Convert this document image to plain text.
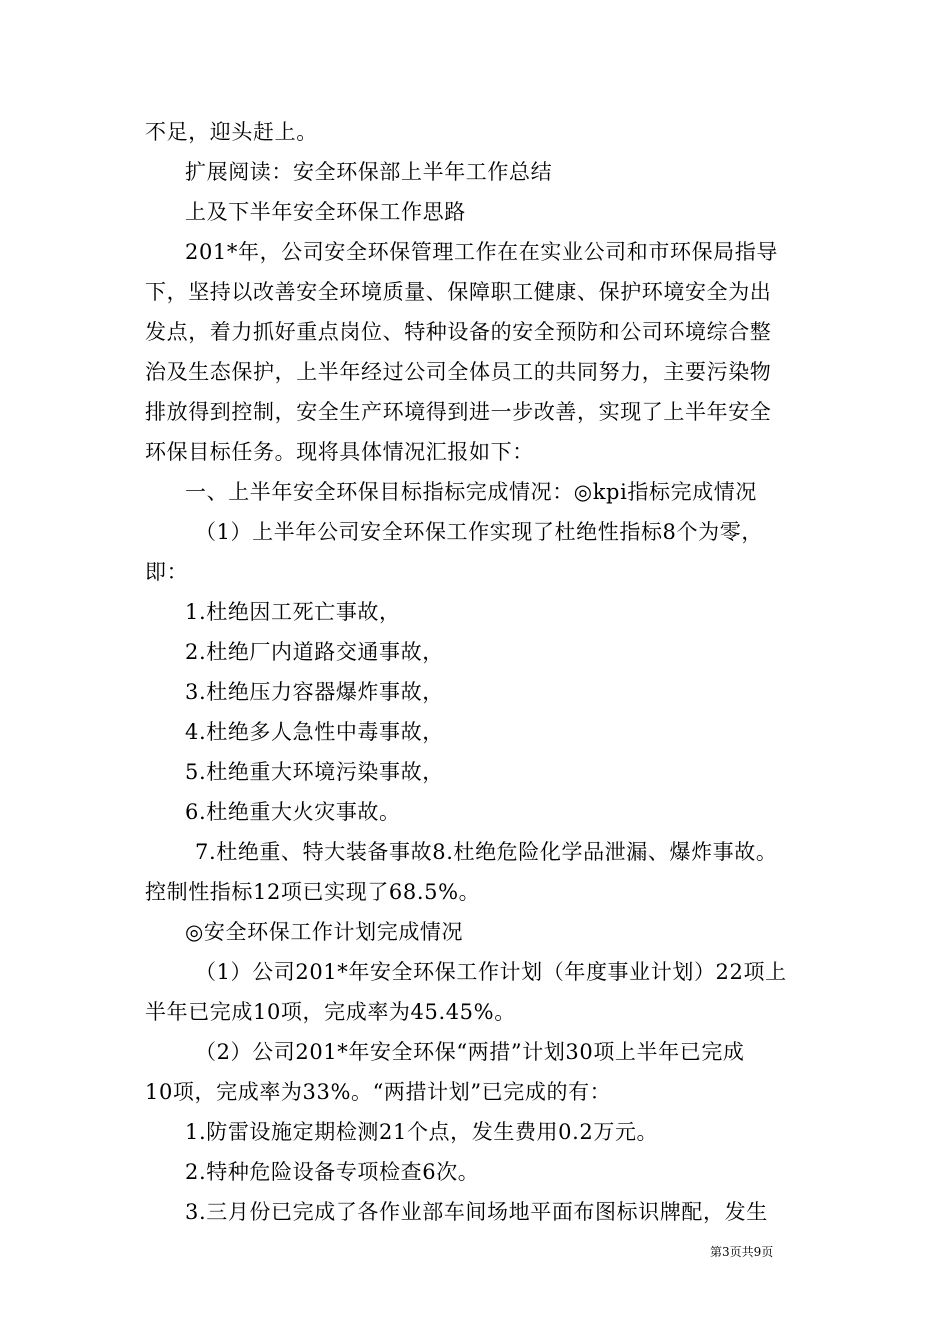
不足，迎头赶上。
扩展阅读：安全环保部上半年工作总结
上及下半年安全环保工作思路
201*年，公司安全环保管理工作在在实业公司和市环保局指导
下，坚持以改善安全环境质量、保障职工健康、保护环境安全为出
发点，着力抓好重点岗位、特种设备的安全预防和公司环境综合整
治及生态保护，上半年经过公司全体员工的共同努力，主要污染物
排放得到控制，安全生产环境得到进一步改善，实现了上半年安全
环保目标任务。现将具体情况汇报如下：
一、上半年安全环保目标指标完成情况：◎kpi指标完成情况
（1）上半年公司安全环保工作实现了杜绝性指标8个为零，
即：
1.杜绝因工死亡事故，
2.杜绝厂内道路交通事故，
3.杜绝压力容器爆炸事故，
4.杜绝多人急性中毒事故，
5.杜绝重大环境污染事故，
6.杜绝重大火灾事故。
7.杜绝重、特大装备事故8.杜绝危险化学品泄漏、爆炸事故。
控制性指标12项已实现了68.5%。
◎安全环保工作计划完成情况
（1）公司201*年安全环保工作计划（年度事业计划）22项上
半年已完成10项，完成率为45.45%。
（2）公司201*年安全环保“两措”计划30项上半年已完成
10项，完成率为33%。“两措计划”已完成的有：
1.防雷设施定期检测21个点，发生费用0.2万元。
2.特种危险设备专项检查6次。
3.三月份已完成了各作业部车间场地平面布图标识牌配，发生
第3页共9页
